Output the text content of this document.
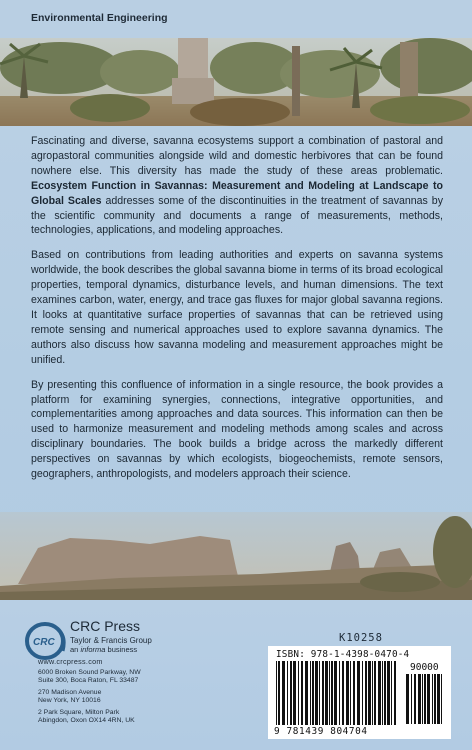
Environmental Engineering

Fascinating and diverse, savanna ecosystems support a combination of pastoral and agropastoral communities alongside wild and domestic herbivores that can be found nowhere else. This diversity has made the study of these areas problematic. Ecosystem Function in Savannas: Measurement and Modeling at Landscape to Global Scales addresses some of the discontinuities in the treatment of savannas by the scientific community and documents a range of measurements, methods, technologies, applications, and modeling approaches.

Based on contributions from leading authorities and experts on savanna systems worldwide, the book describes the global savanna biome in terms of its broad ecological properties, temporal dynamics, disturbance levels, and human dimensions. The text examines carbon, water, energy, and trace gas fluxes for major global savanna regions. It looks at quantitative surface properties of savannas that can be retrieved using remote sensing and numerical approaches used to explore savanna dynamics. The authors also discuss how savanna modeling and measurement approaches might be unified.

By presenting this confluence of information in a single resource, the book provides a platform for examining synergies, connections, integrative opportunities, and complementarities among approaches and data sources. This information can then be used to harmonize measurement and modeling methods among scales and across disciplinary boundaries. The book builds a bridge across the markedly different perspectives on savannas by which ecologists, biogeochemists, remote sensors, geographers, anthropologists, and modelers approach their science.

CRC
CRC Press
Taylor & Francis Group
an informa business
www.crcpress.com
6000 Broken Sound Parkway, NW
Suite 300, Boca Raton, FL 33487
270 Madison Avenue
New York, NY 10016
2 Park Square, Milton Park
Abingdon, Oxon OX14 4RN, UK
K10258
ISBN: 978-1-4398-0470-4
90000
9 781439 804704
